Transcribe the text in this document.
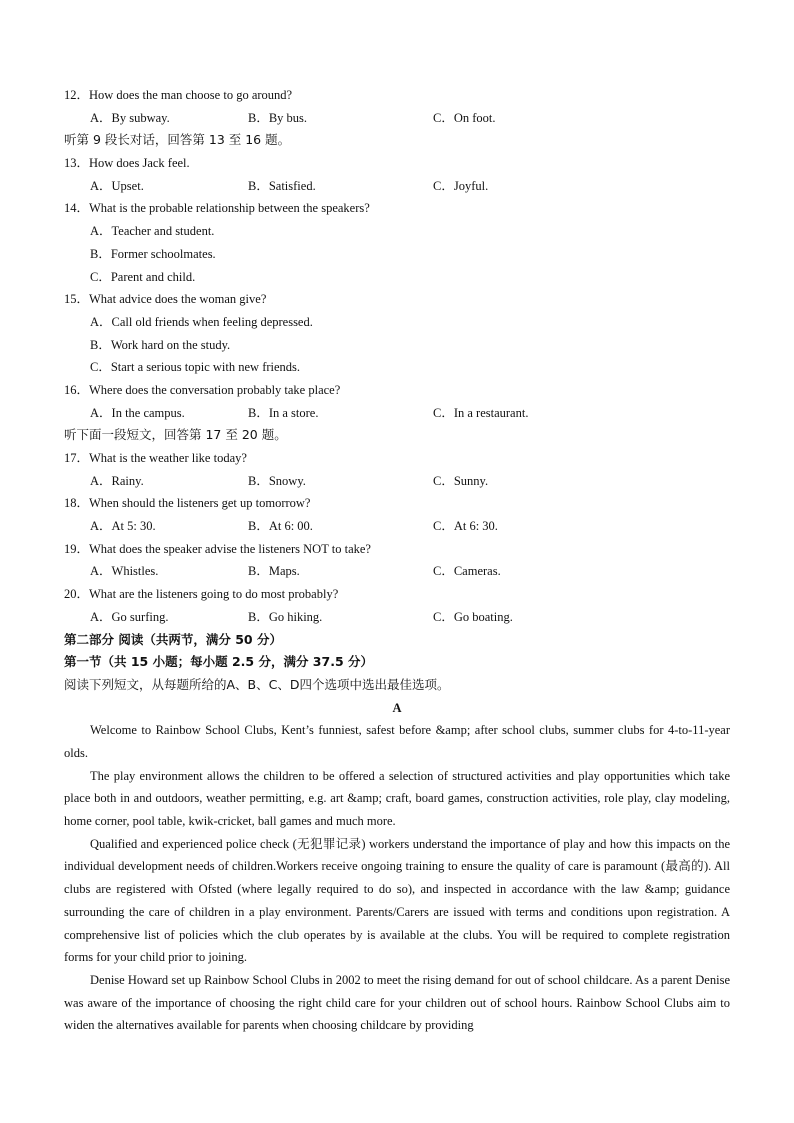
12．How does the man choose to go around?
A．By subway.	B．By bus.	C．On foot.
听第 9 段长对话，回答第 13 至 16 题。
13．How does Jack feel.
A．Upset.	B．Satisfied.	C．Joyful.
14．What is the probable relationship between the speakers?
A．Teacher and student.
B．Former schoolmates.
C．Parent and child.
15．What advice does the woman give?
A．Call old friends when feeling depressed.
B．Work hard on the study.
C．Start a serious topic with new friends.
16．Where does the conversation probably take place?
A．In the campus.	B．In a store.	C．In a restaurant.
听下面一段短文，回答第 17 至 20 题。
17．What is the weather like today?
A．Rainy.	B．Snowy.	C．Sunny.
18．When should the listeners get up tomorrow?
A．At 5: 30.	B．At 6: 00.	C．At 6: 30.
19．What does the speaker advise the listeners NOT to take?
A．Whistles.	B．Maps.	C．Cameras.
20．What are the listeners going to do most probably?
A．Go surfing.	B．Go hiking.	C．Go boating.
第二部分 阅读（共两节，满分 50 分）
第一节（共 15 小题；每小题 2.5 分，满分 37.5 分）
阅读下列短文，从每题所给的A、B、C、D四个选项中选出最佳选项。
A

Welcome to Rainbow School Clubs, Kent’s funniest, safest before &amp; after school clubs, summer clubs for 4-to-11-year olds.

The play environment allows the children to be offered a selection of structured activities and play opportunities which take place both in and outdoors, weather permitting, e.g. art &amp; craft, board games, construction activities, role play, clay modeling, home corner, pool table, kwik-cricket, ball games and much more.

Qualified and experienced police check (无犯罪记录) workers understand the importance of play and how this impacts on the individual development needs of children.Workers receive ongoing training to ensure the quality of care is paramount (最高的). All clubs are registered with Ofsted (where legally required to do so), and inspected in accordance with the law &amp; guidance surrounding the care of children in a play environment. Parents/Carers are issued with terms and conditions upon registration. A comprehensive list of policies which the club operates by is available at the clubs. You will be required to complete registration forms for your child prior to joining.

Denise Howard set up Rainbow School Clubs in 2002 to meet the rising demand for out of school childcare. As a parent Denise was aware of the importance of choosing the right child care for your children out of school hours. Rainbow School Clubs aim to widen the alternatives available for parents when choosing childcare by providing
